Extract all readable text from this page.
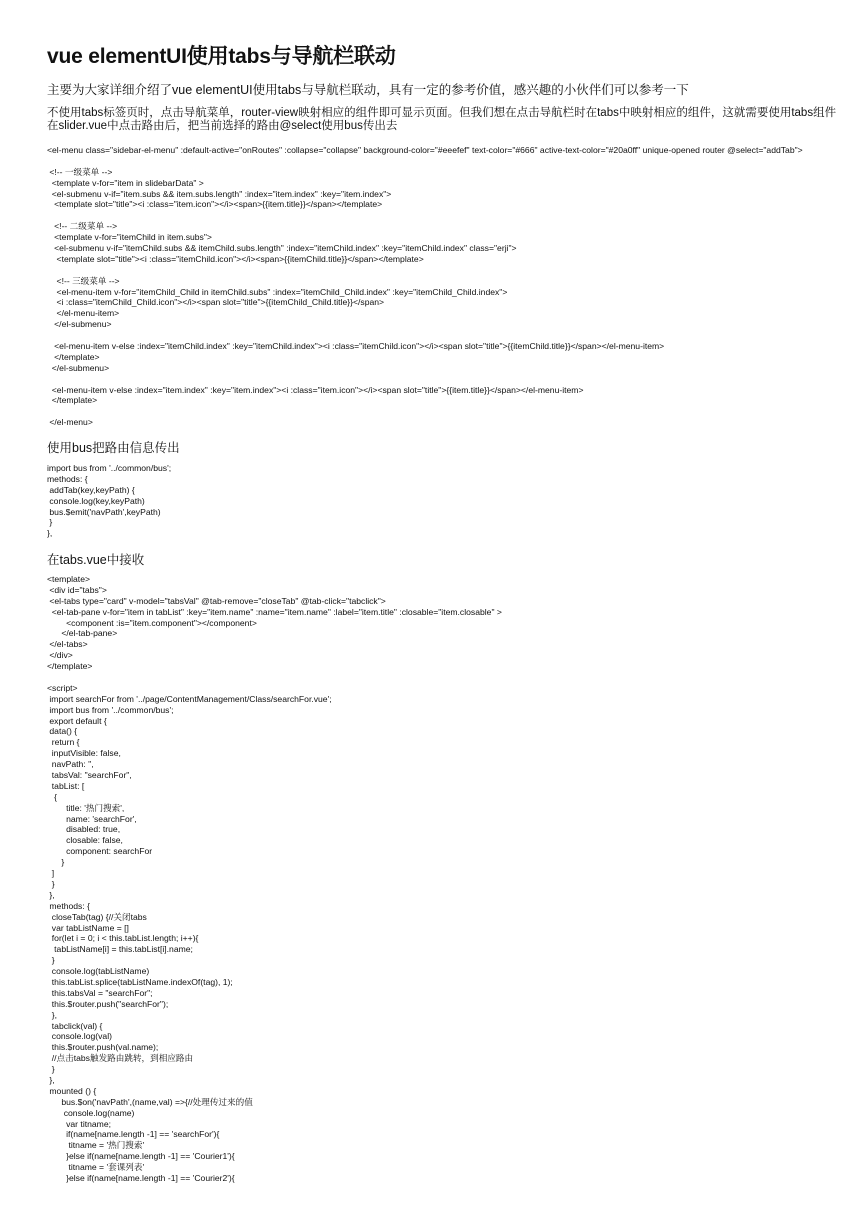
vue elementUI使用tabs与导航栏联动
主要为大家详细介绍了vue elementUI使用tabs与导航栏联动，具有一定的参考价值，感兴趣的小伙伴们可以参考一下
不使用tabs标签页时，点击导航菜单，router-view映射相应的组件即可显示页面。但我们想在点击导航栏时在tabs中映射相应的组件，这就需要使用tabs组件
在slider.vue中点击路由后，把当前选择的路由@select使用bus传出去
<el-menu class="sidebar-el-menu" :default-active="onRoutes" :collapse="collapse" background-color="#eeefef" text-color="#666" active-text-color="#20a0ff" unique-opened router @select="addTab">
<!-- 一级菜单 -->
<template v-for="item in slidebarData" >
<el-submenu v-if="item.subs && item.subs.length" :index="item.index" :key="item.index">
<template slot="title"><i :class="item.icon"></i><span>{{item.title}}</span></template>
<!-- 二级菜单 -->
<template v-for="itemChild in item.subs">
<el-submenu v-if="itemChild.subs && itemChild.subs.length" :index="itemChild.index" :key="itemChild.index" class="erji">
<template slot="title"><i :class="itemChild.icon"></i><span>{{itemChild.title}}</span></template>
<!-- 三级菜单 -->
<el-menu-item v-for="itemChild_Child in itemChild.subs" :index="itemChild_Child.index" :key="itemChild_Child.index">
<i :class="itemChild_Child.icon"></i><span slot="title">{{itemChild_Child.title}}</span>
</el-menu-item>
</el-submenu>
<el-menu-item v-else :index="itemChild.index" :key="itemChild.index"><i :class="itemChild.icon"></i><span slot="title">{{itemChild.title}}</span></el-menu-item>
</template>
</el-submenu>
<el-menu-item v-else :index="item.index" :key="item.index"><i :class="item.icon"></i><span slot="title">{{item.title}}</span></el-menu-item>
</template>
</el-menu>
使用bus把路由信息传出
import bus from '../common/bus';
methods: {
addTab(key,keyPath) {
console.log(key,keyPath)
bus.$emit('navPath',keyPath)
}
},
在tabs.vue中接收
<template>
<div id="tabs">
<el-tabs type="card" v-model="tabsVal" @tab-remove="closeTab" @tab-click="tabclick">
<el-tab-pane v-for="item in tabList" :key="item.name" :name="item.name" :label="item.title" :closable="item.closable" >
<component :is="item.component"></component>
</el-tab-pane>
</el-tabs>
</div>
</template>
<script>
import searchFor from '../page/ContentManagement/Class/searchFor.vue';
import bus from '../common/bus';
export default {
data() {
return {
inputVisible: false,
navPath: '',
tabsVal: "searchFor",
tabList: [
{
title: '热门搜索',
name: 'searchFor',
disabled: true,
closable: false,
component: searchFor
}
]
}
},
methods: {
closeTab(tag) {//关闭tabs
var tabListName = []
for(let i = 0; i < this.tabList.length; i++){
tabListName[i] = this.tabList[i].name;
}
console.log(tabListName)
this.tabList.splice(tabListName.indexOf(tag), 1);
this.tabsVal = "searchFor";
this.$router.push("searchFor");
},
tabclick(val) {
console.log(val)
this.$router.push(val.name);
//点击tabs触发路由跳转，到相应路由
}
},
mounted () {
bus.$on('navPath',(name,val) =>{//处理传过来的值
console.log(name)
var titname;
if(name[name.length -1] == 'searchFor'){
titname = '热门搜索'
}else if(name[name.length -1] == 'Courier1'){
titname = '套课列表'
}else if(name[name.length -1] == 'Courier2'){
